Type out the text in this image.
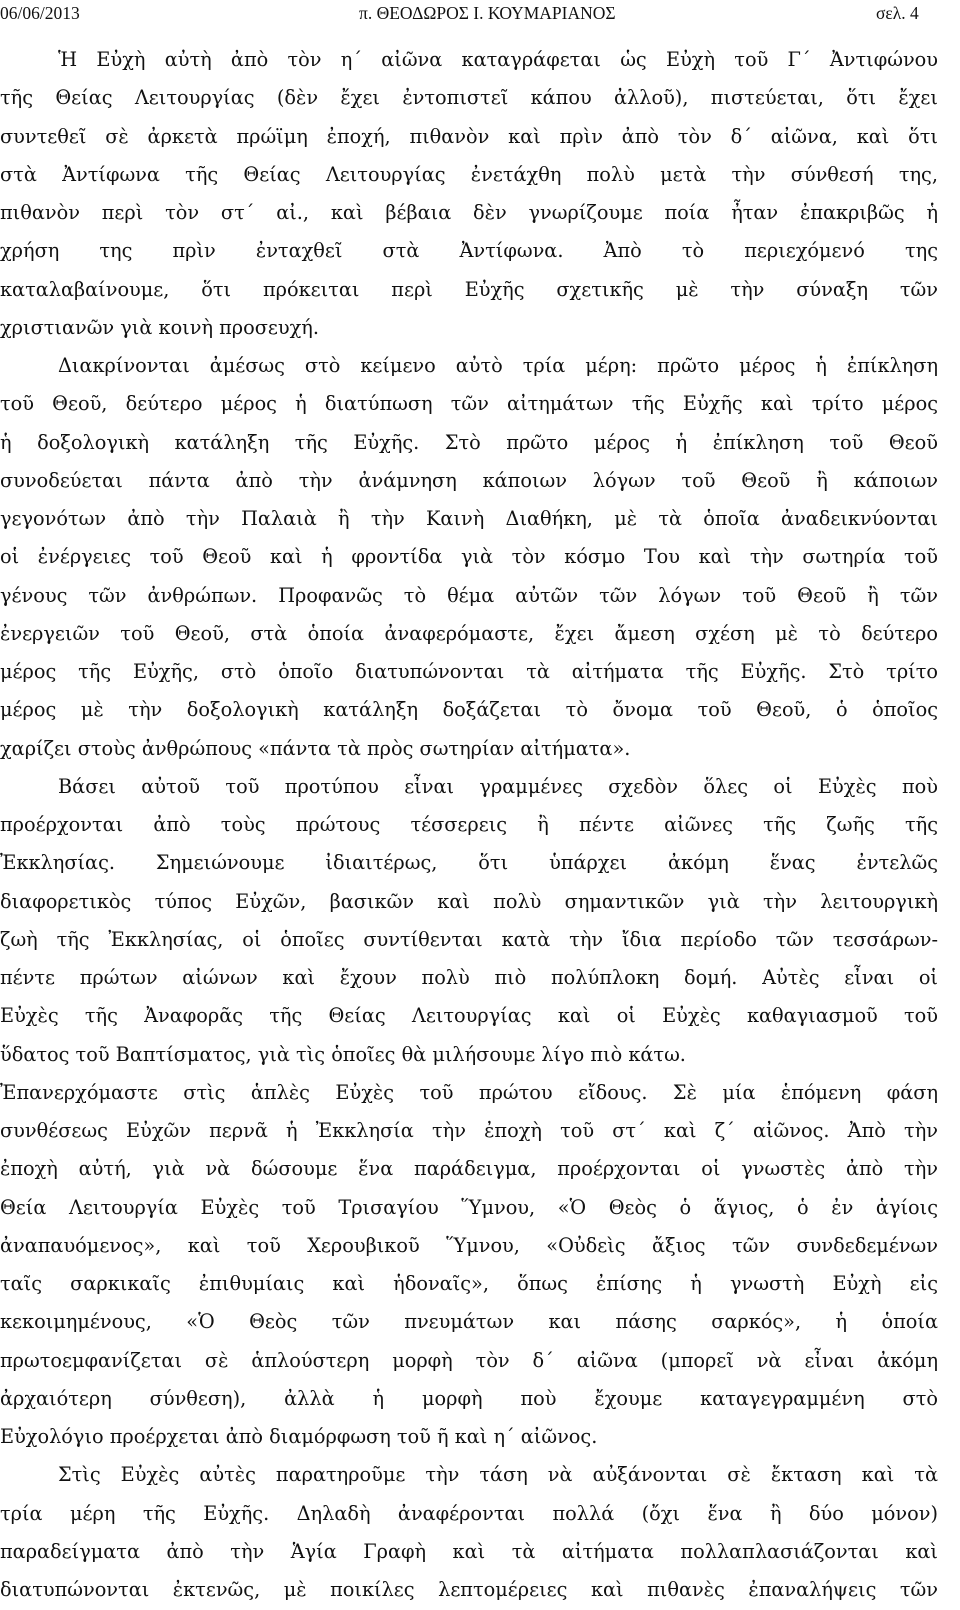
06/06/2013	π. ΘΕΟΔΩΡΟΣ Ι. ΚΟΥΜΑΡΙΑΝΟΣ	σελ. 4
Ἡ Εὐχὴ αὐτὴ ἀπὸ τὸν η΄ αἰῶνα καταγράφεται ὡς Εὐχὴ τοῦ Γ΄ Ἀντιφώνου
τῆς Θείας Λειτουργίας (δὲν ἔχει ἐντοπιστεῖ κάπου ἀλλοῦ), πιστεύεται, ὅτι ἔχει
συντεθεῖ σὲ ἀρκετὰ πρώϊμη ἐποχή, πιθανὸν καὶ πρὶν ἀπὸ τὸν δ΄ αἰῶνα, καὶ ὅτι
στὰ Ἀντίφωνα τῆς Θείας Λειτουργίας ἐνετάχθη πολὺ μετὰ τὴν σύνθεσή της,
πιθανὸν περὶ τὸν στ΄ αἰ., καὶ βέβαια δὲν γνωρίζουμε ποία ἦταν ἐπακριβῶς ἡ
χρήση της πρὶν ἐνταχθεῖ στὰ Ἀντίφωνα. Ἀπὸ τὸ περιεχόμενό της
καταλαβαίνουμε, ὅτι πρόκειται περὶ Εὐχῆς σχετικῆς μὲ τὴν σύναξη τῶν
χριστιανῶν γιὰ κοινὴ προσευχή.
Διακρίνονται ἀμέσως στὸ κείμενο αὐτὸ τρία μέρη: πρῶτο μέρος ἡ ἐπίκληση
τοῦ Θεοῦ, δεύτερο μέρος ἡ διατύπωση τῶν αἰτημάτων τῆς Εὐχῆς καὶ τρίτο μέρος
ἡ δοξολογικὴ κατάληξη τῆς Εὐχῆς. Στὸ πρῶτο μέρος ἡ ἐπίκληση τοῦ Θεοῦ
συνοδεύεται πάντα ἀπὸ τὴν ἀνάμνηση κάποιων λόγων τοῦ Θεοῦ ἢ κάποιων
γεγονότων ἀπὸ τὴν Παλαιὰ ἢ τὴν Καινὴ Διαθήκη, μὲ τὰ ὁποῖα ἀναδεικνύονται
οἱ ἐνέργειες τοῦ Θεοῦ καὶ ἡ φροντίδα γιὰ τὸν κόσμο Του καὶ τὴν σωτηρία τοῦ
γένους τῶν ἀνθρώπων. Προφανῶς τὸ θέμα αὐτῶν τῶν λόγων τοῦ Θεοῦ ἢ τῶν
ἐνεργειῶν τοῦ Θεοῦ, στὰ ὁποία ἀναφερόμαστε, ἔχει ἄμεση σχέση μὲ τὸ δεύτερο
μέρος τῆς Εὐχῆς, στὸ ὁποῖο διατυπώνονται τὰ αἰτήματα τῆς Εὐχῆς. Στὸ τρίτο
μέρος μὲ τὴν δοξολογικὴ κατάληξη δοξάζεται τὸ ὄνομα τοῦ Θεοῦ, ὁ ὁποῖος
χαρίζει στοὺς ἀνθρώπους «πάντα τὰ πρὸς σωτηρίαν αἰτήματα».
Βάσει αὐτοῦ τοῦ προτύπου εἶναι γραμμένες σχεδὸν ὅλες οἱ Εὐχὲς ποὺ
προέρχονται ἀπὸ τοὺς πρώτους τέσσερεις ἢ πέντε αἰῶνες τῆς ζωῆς τῆς
Ἐκκλησίας. Σημειώνουμε ἰδιαιτέρως, ὅτι ὑπάρχει ἀκόμη ἕνας ἐντελῶς
διαφορετικὸς τύπος Εὐχῶν, βασικῶν καὶ πολὺ σημαντικῶν γιὰ τὴν λειτουργικὴ
ζωὴ τῆς Ἐκκλησίας, οἱ ὁποῖες συντίθενται κατὰ τὴν ἴδια περίοδο τῶν τεσσάρων-
πέντε πρώτων αἰώνων καὶ ἔχουν πολὺ πιὸ πολύπλοκη δομή. Αὐτὲς εἶναι οἱ
Εὐχὲς τῆς Ἀναφορᾶς τῆς Θείας Λειτουργίας καὶ οἱ Εὐχὲς καθαγιασμοῦ τοῦ
ὕδατος τοῦ Βαπτίσματος, γιὰ τὶς ὁποῖες θὰ μιλήσουμε λίγο πιὸ κάτω.
Ἐπανερχόμαστε στὶς ἁπλὲς Εὐχὲς τοῦ πρώτου εἴδους. Σὲ μία ἑπόμενη φάση
συνθέσεως Εὐχῶν περνᾶ ἡ Ἐκκλησία τὴν ἐποχὴ τοῦ στ΄ καὶ ζ΄ αἰῶνος. Ἀπὸ τὴν
ἐποχὴ αὐτή, γιὰ νὰ δώσουμε ἕνα παράδειγμα, προέρχονται οἱ γνωστὲς ἀπὸ τὴν
Θεία Λειτουργία Εὐχὲς τοῦ Τρισαγίου Ὕμνου, «Ὁ Θεὸς ὁ ἅγιος, ὁ ἐν ἁγίοις
ἀναπαυόμενος», καὶ τοῦ Χερουβικοῦ Ὕμνου, «Οὐδεὶς ἄξιος τῶν συνδεδεμένων
ταῖς σαρκικαῖς ἐπιθυμίαις καὶ ἡδοναῖς», ὅπως ἐπίσης ἡ γνωστὴ Εὐχὴ εἰς
κεκοιμημένους, «Ὁ Θεὸς τῶν πνευμάτων και πάσης σαρκός», ἡ ὁποία
πρωτοεμφανίζεται σὲ ἁπλούστερη μορφὴ τὸν δ΄ αἰῶνα (μπορεῖ νὰ εἶναι ἀκόμη
ἀρχαιότερη σύνθεση), ἀλλὰ ἡ μορφὴ ποὺ ἔχουμε καταγεγραμμένη στὸ
Εὐχολόγιο προέρχεται ἀπὸ διαμόρφωση τοῦ ῆ καὶ η΄ αἰῶνος.
Στὶς Εὐχὲς αὐτὲς παρατηροῦμε τὴν τάση νὰ αὐξάνονται σὲ ἔκταση καὶ τὰ
τρία μέρη τῆς Εὐχῆς. Δηλαδὴ ἀναφέρονται πολλά (ὄχι ἕνα ἢ δύο μόνον)
παραδείγματα ἀπὸ τὴν Ἁγία Γραφὴ καὶ τὰ αἰτήματα πολλαπλασιάζονται καὶ
διατυπώνονται ἐκτενῶς, μὲ ποικίλες λεπτομέρειες καὶ πιθανὲς ἐπαναλήψεις τῶν
